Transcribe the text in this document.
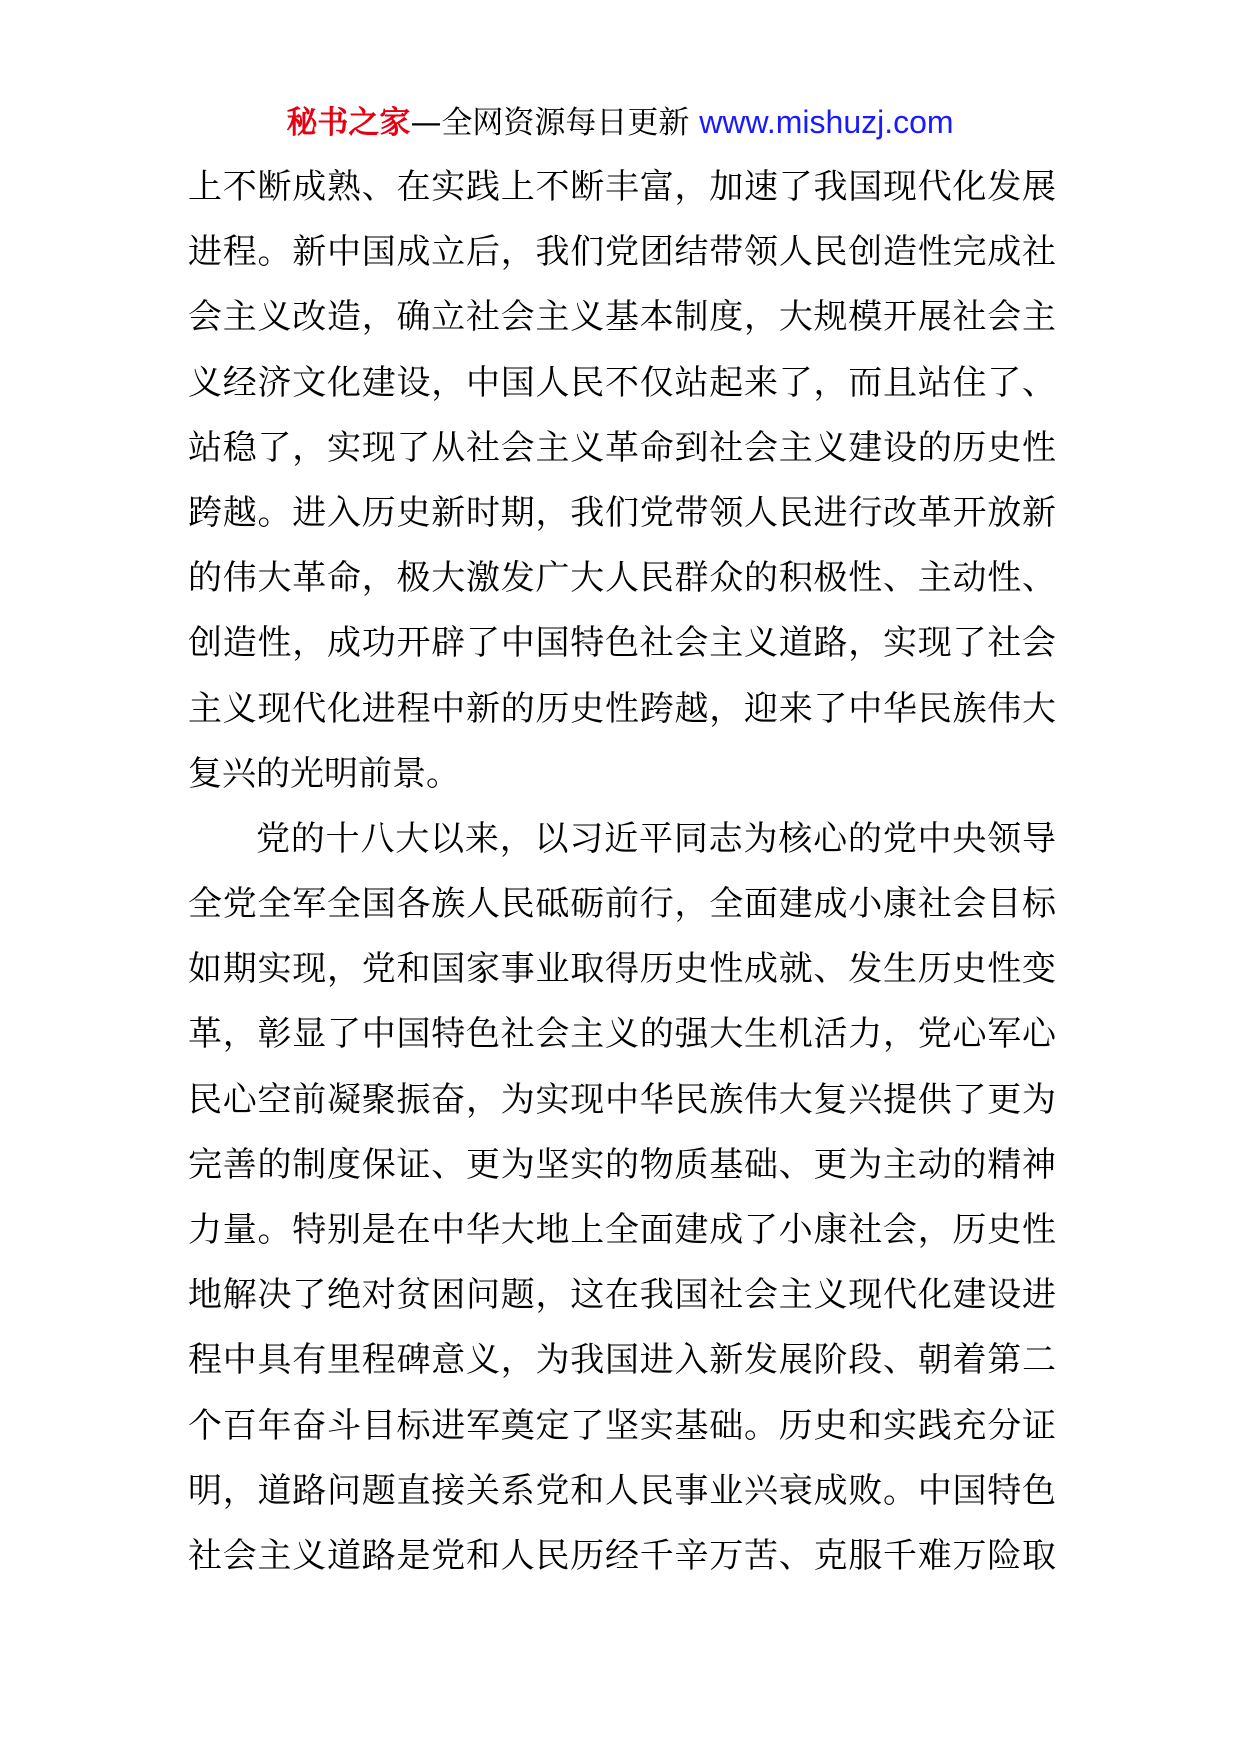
秘书之家—全网资源每日更新 www.mishuzj.com
上不断成熟、在实践上不断丰富，加速了我国现代化发展
进程。新中国成立后，我们党团结带领人民创造性完成社
会主义改造，确立社会主义基本制度，大规模开展社会主
义经济文化建设，中国人民不仅站起来了，而且站住了、
站稳了，实现了从社会主义革命到社会主义建设的历史性
跨越。进入历史新时期，我们党带领人民进行改革开放新
的伟大革命，极大激发广大人民群众的积极性、主动性、
创造性，成功开辟了中国特色社会主义道路，实现了社会
主义现代化进程中新的历史性跨越，迎来了中华民族伟大
复兴的光明前景。
党的十八大以来，以习近平同志为核心的党中央领导
全党全军全国各族人民砥砺前行，全面建成小康社会目标
如期实现，党和国家事业取得历史性成就、发生历史性变
革，彰显了中国特色社会主义的强大生机活力，党心军心
民心空前凝聚振奋，为实现中华民族伟大复兴提供了更为
完善的制度保证、更为坚实的物质基础、更为主动的精神
力量。特别是在中华大地上全面建成了小康社会，历史性
地解决了绝对贫困问题，这在我国社会主义现代化建设进
程中具有里程碑意义，为我国进入新发展阶段、朝着第二
个百年奋斗目标进军奠定了坚实基础。历史和实践充分证
明，道路问题直接关系党和人民事业兴衰成败。中国特色
社会主义道路是党和人民历经千辛万苦、克服千难万险取
